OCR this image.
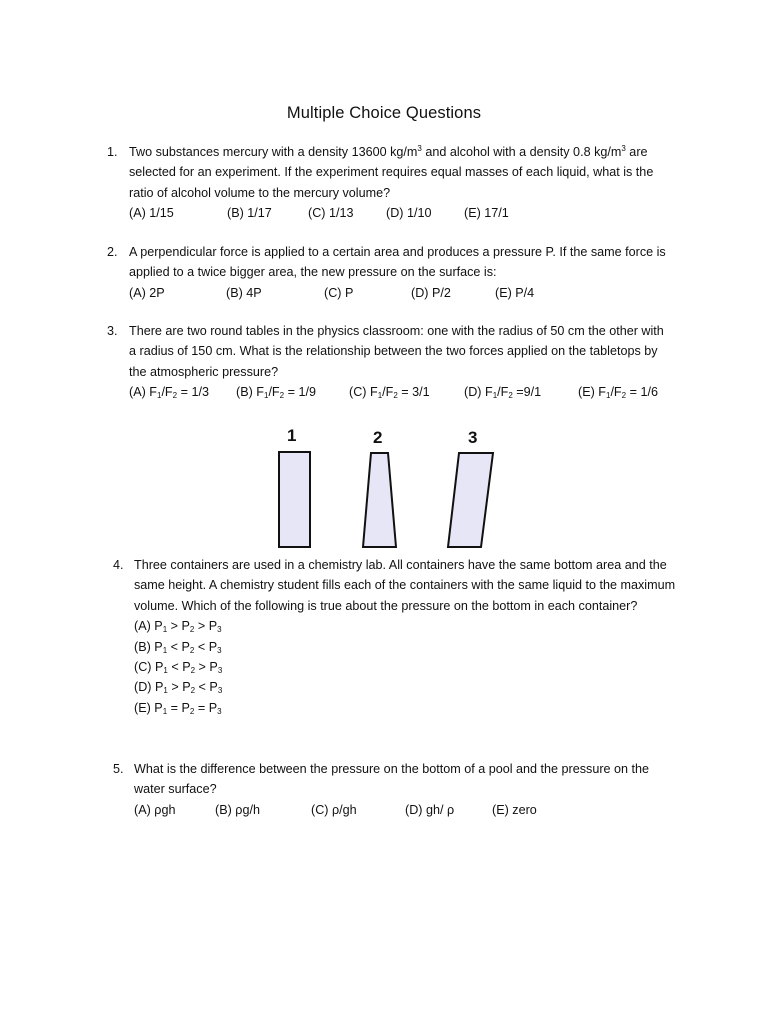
Multiple Choice Questions
1. Two substances mercury with a density 13600 $kg/m^3$ and alcohol with a density 0.8 $kg/m^3$ are selected for an experiment. If the experiment requires equal masses of each liquid, what is the ratio of alcohol volume to the mercury volume?
(A) 1/15	(B) 1/17	(C) 1/13	(D) 1/10	(E) 17/1
2. A perpendicular force is applied to a certain area and produces a pressure P. If the same force is applied to a twice bigger area, the new pressure on the surface is:
(A) 2P	(B) 4P	(C) P	(D) P/2	(E) P/4
3. There are two round tables in the physics classroom: one with the radius of 50 cm the other with a radius of 150 cm. What is the relationship between the two forces applied on the tabletops by the atmospheric pressure?
(A) $F_1/F_2 = 1/3$ (B) $F_1/F_2 = 1/9$	(C) $F_1/F_2 = 3/1$	(D) $F_1/F_2 =9/1$	(E) $F_1/F_2 = 1/6$
1	2	3
4. Three containers are used in a chemistry lab. All containers have the same bottom area and the same height. A chemistry student fills each of the containers with the same liquid to the maximum volume. Which of the following is true about the pressure on the bottom in each container?
(A) $P_1 > P_2 > P_3$
(B) $P_1 < P_2 < P_3$
(C) $P_1 < P_2 > P_3$
(D) $P_1 > P_2 < P_3$
(E) $P_1 = P_2 = P_3$
5. What is the difference between the pressure on the bottom of a pool and the pressure on the water surface?
(A) ρgh	(B) ρg/h	(C) ρ/gh	(D) gh/ ρ	(E) zero
